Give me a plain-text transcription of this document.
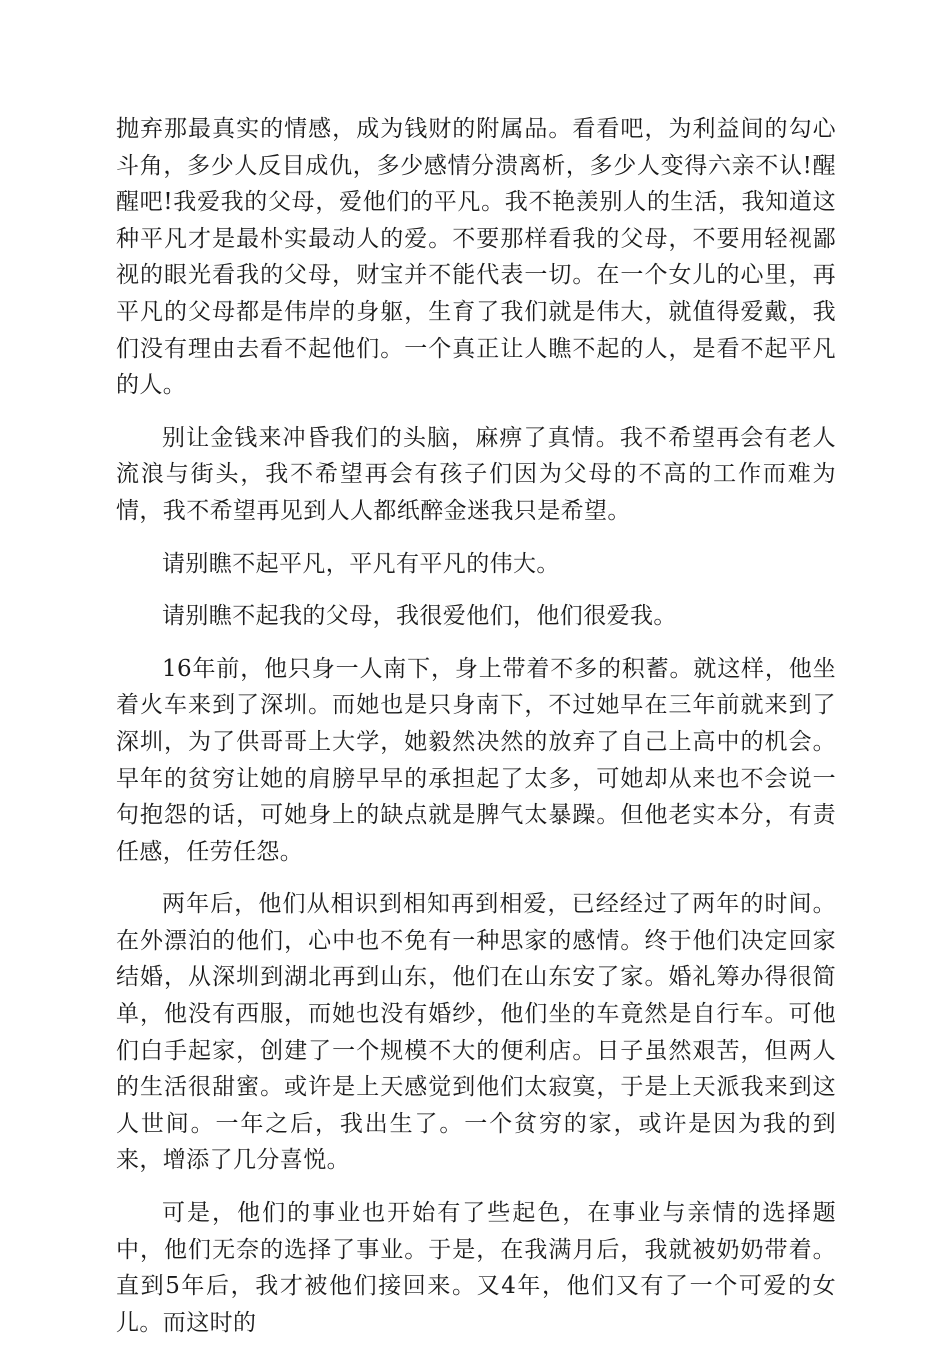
抛弃那最真实的情感，成为钱财的附属品。看看吧，为利益间的勾心斗角，多少人反目成仇，多少感情分溃离析，多少人变得六亲不认!醒醒吧!我爱我的父母，爱他们的平凡。我不艳羡别人的生活，我知道这种平凡才是最朴实最动人的爱。不要那样看我的父母，不要用轻视鄙视的眼光看我的父母，财宝并不能代表一切。在一个女儿的心里，再平凡的父母都是伟岸的身躯，生育了我们就是伟大，就值得爱戴，我们没有理由去看不起他们。一个真正让人瞧不起的人，是看不起平凡的人。

别让金钱来冲昏我们的头脑，麻痹了真情。我不希望再会有老人流浪与街头，我不希望再会有孩子们因为父母的不高的工作而难为情，我不希望再见到人人都纸醉金迷我只是希望。

请别瞧不起平凡，平凡有平凡的伟大。

请别瞧不起我的父母，我很爱他们，他们很爱我。

16年前，他只身一人南下，身上带着不多的积蓄。就这样，他坐着火车来到了深圳。而她也是只身南下，不过她早在三年前就来到了深圳，为了供哥哥上大学，她毅然决然的放弃了自己上高中的机会。早年的贫穷让她的肩膀早早的承担起了太多，可她却从来也不会说一句抱怨的话，可她身上的缺点就是脾气太暴躁。但他老实本分，有责任感，任劳任怨。

两年后，他们从相识到相知再到相爱，已经经过了两年的时间。在外漂泊的他们，心中也不免有一种思家的感情。终于他们决定回家结婚，从深圳到湖北再到山东，他们在山东安了家。婚礼筹办得很简单，他没有西服，而她也没有婚纱，他们坐的车竟然是自行车。可他们白手起家，创建了一个规模不大的便利店。日子虽然艰苦，但两人的生活很甜蜜。或许是上天感觉到他们太寂寞，于是上天派我来到这人世间。一年之后，我出生了。一个贫穷的家，或许是因为我的到来，增添了几分喜悦。

可是，他们的事业也开始有了些起色，在事业与亲情的选择题中，他们无奈的选择了事业。于是，在我满月后，我就被奶奶带着。直到5年后，我才被他们接回来。又4年，他们又有了一个可爱的女儿。而这时的
